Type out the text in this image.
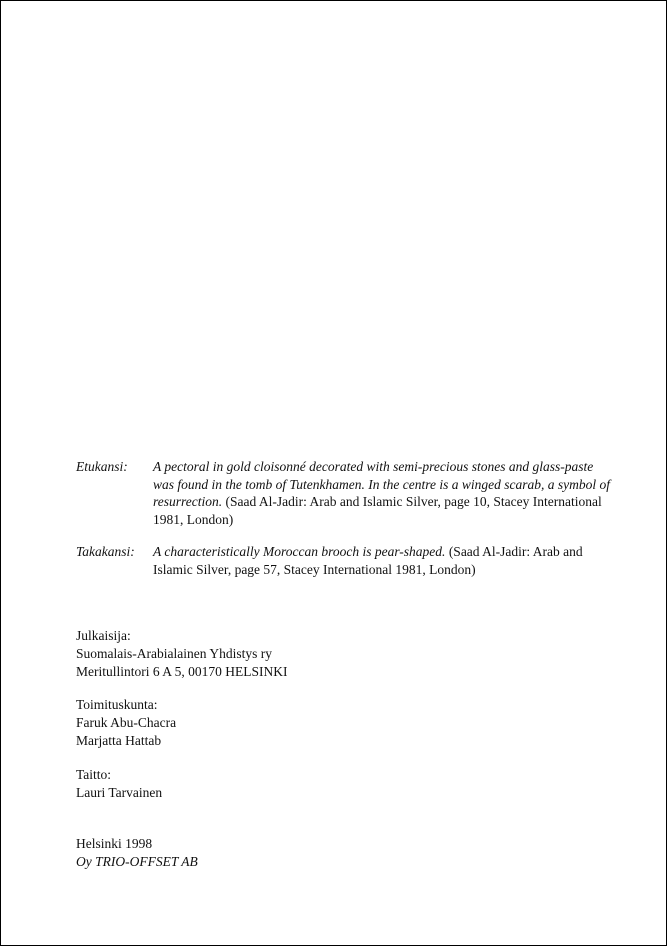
Etukansi: A pectoral in gold cloisonné decorated with semi-precious stones and glass-paste was found in the tomb of Tutenkhamen. In the centre is a winged scarab, a symbol of resurrection. (Saad Al-Jadir: Arab and Islamic Silver, page 10, Stacey International 1981, London)
Takakansi: A characteristically Moroccan brooch is pear-shaped. (Saad Al-Jadir: Arab and Islamic Silver, page 57, Stacey International 1981, London)
Julkaisija:
Suomalais-Arabialainen Yhdistys ry
Meritullintori 6 A 5, 00170 HELSINKI
Toimituskunta:
Faruk Abu-Chacra
Marjatta Hattab
Taitto:
Lauri Tarvainen
Helsinki 1998
Oy TRIO-OFFSET AB
